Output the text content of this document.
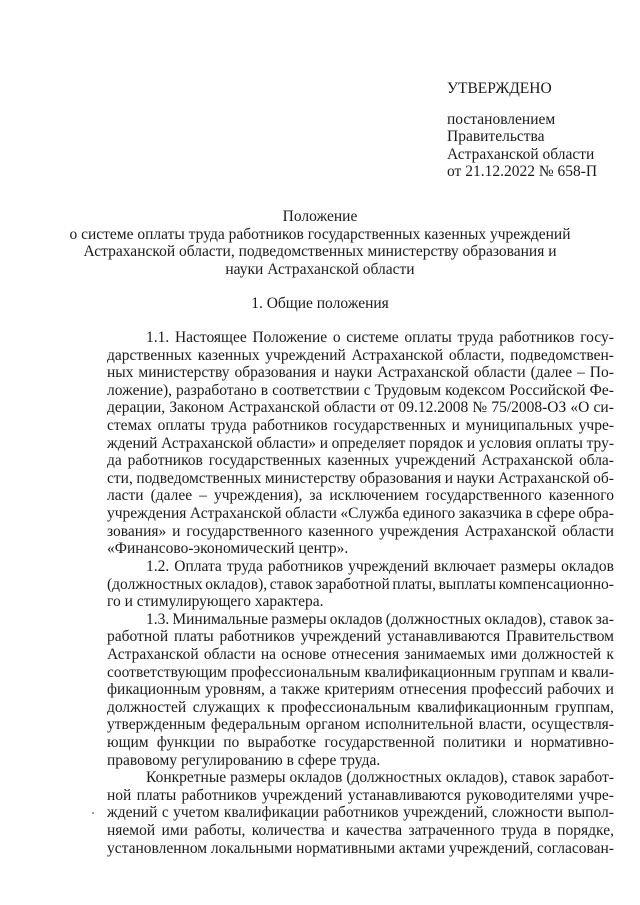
УТВЕРЖДЕНО
постановлением
Правительства
Астраханской области
от 21.12.2022 № 658-П
Положение
о системе оплаты труда работников государственных казенных учреждений
Астраханской области, подведомственных министерству образования и
науки Астраханской области
1. Общие положения
1.1. Настоящее Положение о системе оплаты труда работников госу-
дарственных казенных учреждений Астраханской области, подведомствен-
ных министерству образования и науки Астраханской области (далее – По-
ложение), разработано в соответствии с Трудовым кодексом Российской Фе-
дерации, Законом Астраханской области от 09.12.2008 № 75/2008-ОЗ «О си-
стемах оплаты труда работников государственных и муниципальных учре-
ждений Астраханской области» и определяет порядок и условия оплаты тру-
да работников государственных казенных учреждений Астраханской обла-
сти, подведомственных министерству образования и науки Астраханской об-
ласти (далее – учреждения), за исключением государственного казенного
учреждения Астраханской области «Служба единого заказчика в сфере обра-
зования» и государственного казенного учреждения Астраханской области
«Финансово-экономический центр».
1.2. Оплата труда работников учреждений включает размеры окладов
(должностных окладов), ставок заработной платы, выплаты компенсационно-
го и стимулирующего характера.
1.3. Минимальные размеры окладов (должностных окладов), ставок за-
работной платы работников учреждений устанавливаются Правительством
Астраханской области на основе отнесения занимаемых ими должностей к
соответствующим профессиональным квалификационным группам и квали-
фикационным уровням, а также критериям отнесения профессий рабочих и
должностей служащих к профессиональным квалификационным группам,
утвержденным федеральным органом исполнительной власти, осуществля-
ющим функции по выработке государственной политики и нормативно-
правовому регулированию в сфере труда.
Конкретные размеры окладов (должностных окладов), ставок заработ-
ной платы работников учреждений устанавливаются руководителями учре-
ждений с учетом квалификации работников учреждений, сложности выпол-
няемой ими работы, количества и качества затраченного труда в порядке,
установленном локальными нормативными актами учреждений, согласован-
